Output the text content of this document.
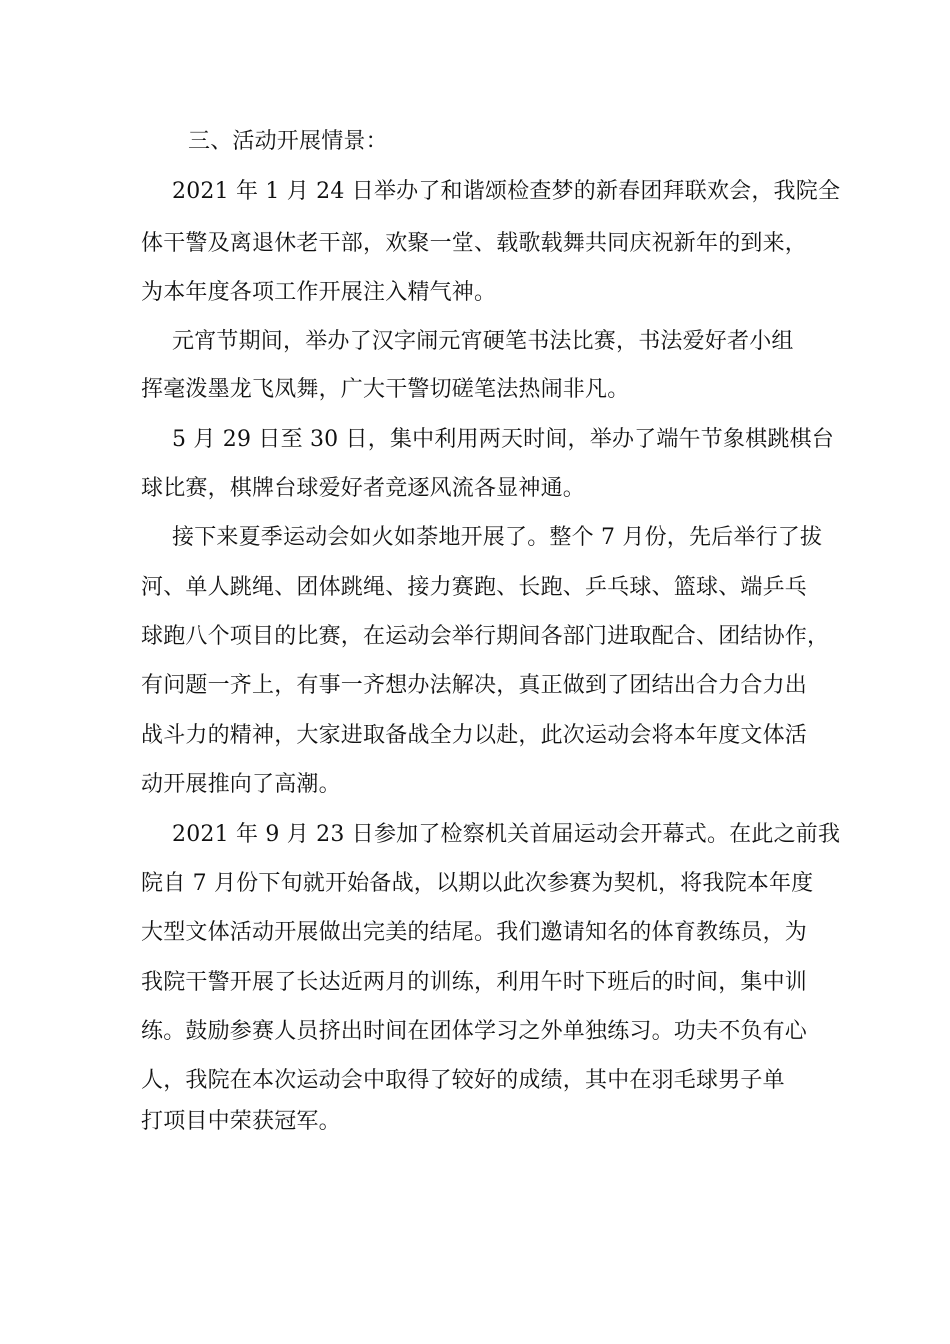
三、活动开展情景：
2021 年 1 月 24 日举办了和谐颂检查梦的新春团拜联欢会，我院全
体干警及离退休老干部，欢聚一堂、载歌载舞共同庆祝新年的到来，
为本年度各项工作开展注入精气神。
元宵节期间，举办了汉字闹元宵硬笔书法比赛，书法爱好者小组
挥毫泼墨龙飞凤舞，广大干警切磋笔法热闹非凡。
5 月 29 日至 30 日，集中利用两天时间，举办了端午节象棋跳棋台
球比赛，棋牌台球爱好者竞逐风流各显神通。
接下来夏季运动会如火如荼地开展了。整个 7 月份，先后举行了拔
河、单人跳绳、团体跳绳、接力赛跑、长跑、乒乓球、篮球、端乒乓
球跑八个项目的比赛，在运动会举行期间各部门进取配合、团结协作，
有问题一齐上，有事一齐想办法解决，真正做到了团结出合力合力出
战斗力的精神，大家进取备战全力以赴，此次运动会将本年度文体活
动开展推向了高潮。
2021 年 9 月 23 日参加了检察机关首届运动会开幕式。在此之前我
院自 7 月份下旬就开始备战，以期以此次参赛为契机，将我院本年度
大型文体活动开展做出完美的结尾。我们邀请知名的体育教练员，为
我院干警开展了长达近两月的训练，利用午时下班后的时间，集中训
练。鼓励参赛人员挤出时间在团体学习之外单独练习。功夫不负有心
人，我院在本次运动会中取得了较好的成绩，其中在羽毛球男子单
打项目中荣获冠军。
